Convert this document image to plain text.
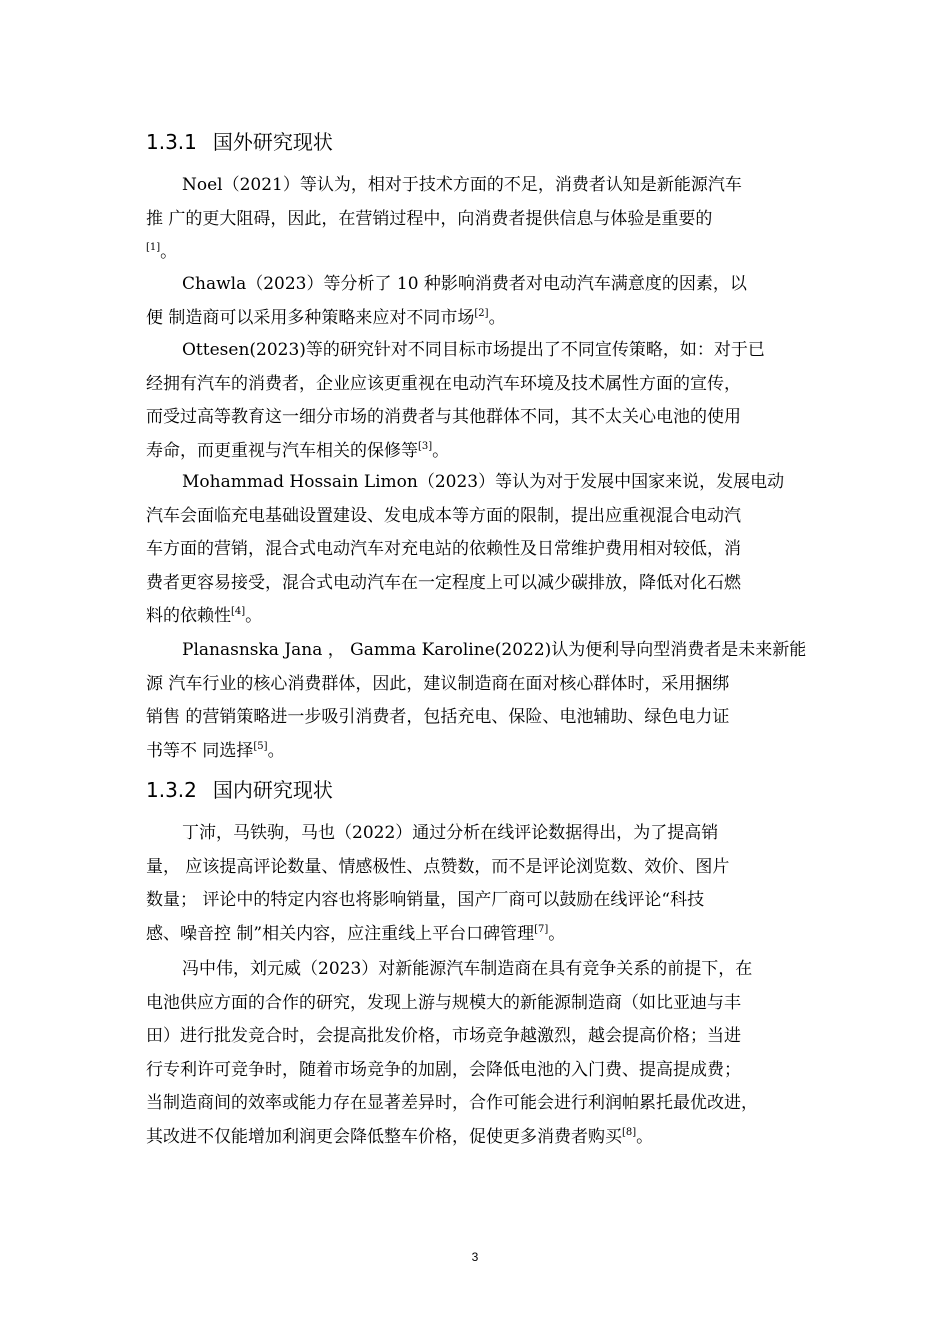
1.3.1 国外研究现状
Noel（2021）等认为，相对于技术方面的不足，消费者认知是新能源汽车
推 广的更大阻碍，因此，在营销过程中，向消费者提供信息与体验是重要的
[1]。
Chawla（2023）等分析了 10 种影响消费者对电动汽车满意度的因素，以
便 制造商可以采用多种策略来应对不同市场[2]。
Ottesen(2023)等的研究针对不同目标市场提出了不同宣传策略，如：对于已
经拥有汽车的消费者，企业应该更重视在电动汽车环境及技术属性方面的宣传，
而受过高等教育这一细分市场的消费者与其他群体不同，其不太关心电池的使用
寿命，而更重视与汽车相关的保修等[3]。
Mohammad Hossain Limon（2023）等认为对于发展中国家来说，发展电动
汽车会面临充电基础设置建设、发电成本等方面的限制，提出应重视混合电动汽
车方面的营销，混合式电动汽车对充电站的依赖性及日常维护费用相对较低，消
费者更容易接受，混合式电动汽车在一定程度上可以减少碳排放，降低对化石燃
料的依赖性[4]。
Planasnska Jana ， Gamma Karoline(2022)认为便利导向型消费者是未来新能
源 汽车行业的核心消费群体，因此，建议制造商在面对核心群体时，采用捆绑
销售 的营销策略进一步吸引消费者，包括充电、保险、电池辅助、绿色电力证
书等不 同选择[5]。
1.3.2 国内研究现状
丁沛，马铁驹，马也（2022）通过分析在线评论数据得出，为了提高销
量， 应该提高评论数量、情感极性、点赞数，而不是评论浏览数、效价、图片
数量； 评论中的特定内容也将影响销量，国产厂商可以鼓励在线评论“科技
感、噪音控 制”相关内容，应注重线上平台口碑管理[7]。
冯中伟，刘元威（2023）对新能源汽车制造商在具有竞争关系的前提下，在
电池供应方面的合作的研究，发现上游与规模大的新能源制造商（如比亚迪与丰
田）进行批发竞合时，会提高批发价格，市场竞争越激烈，越会提高价格；当进
行专利许可竞争时，随着市场竞争的加剧，会降低电池的入门费、提高提成费；
当制造商间的效率或能力存在显著差异时，合作可能会进行利润帕累托最优改进，
其改进不仅能增加利润更会降低整车价格，促使更多消费者购买[8]。
3
